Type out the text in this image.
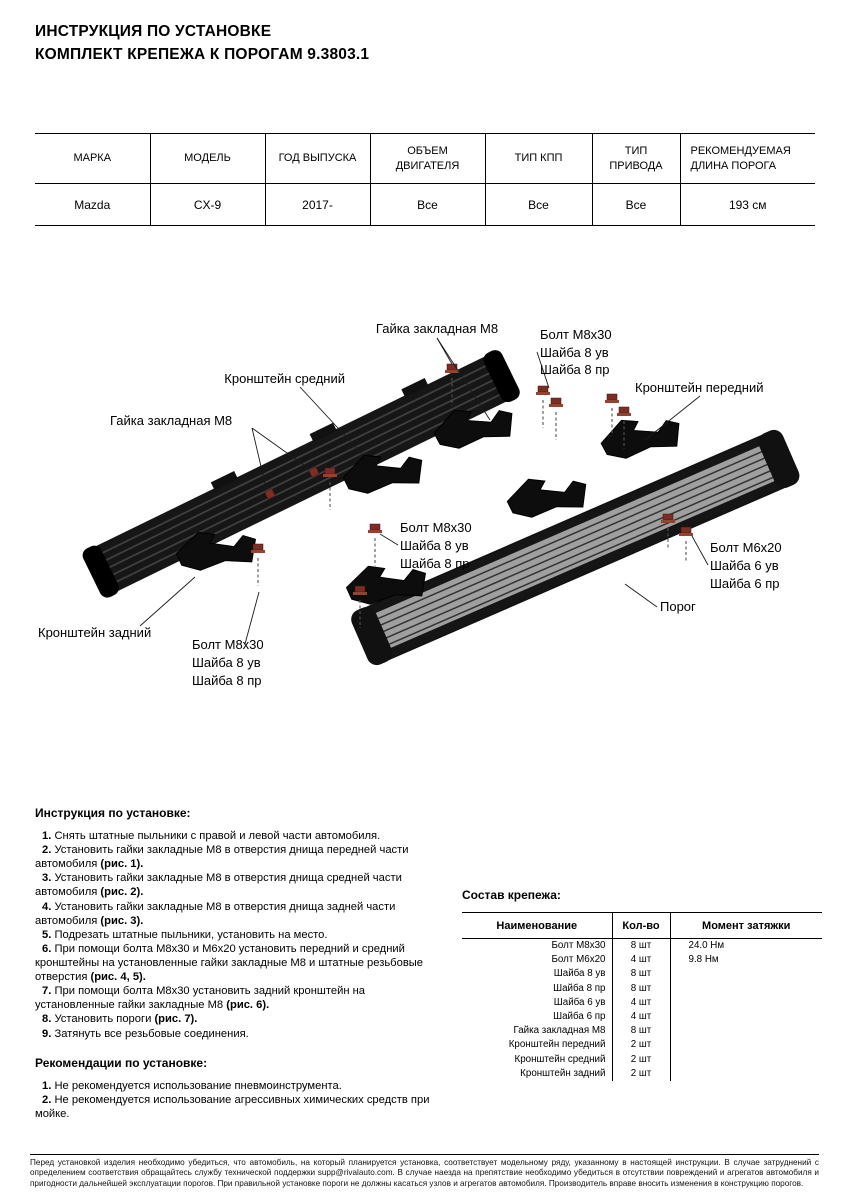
ИНСТРУКЦИЯ ПО УСТАНОВКЕ
КОМПЛЕКТ КРЕПЕЖА К ПОРОГАМ 9.3803.1
МАРКА	МОДЕЛЬ	ГОД ВЫПУСКА	ОБЪЕМ ДВИГАТЕЛЯ	ТИП КПП	ТИП ПРИВОДА	РЕКОМЕНДУЕМАЯ ДЛИНА ПОРОГА
Mazda	CX-9	2017-	Все	Все	Все	193 см
Гайка закладная М8	Болт М8х30
Шайба 8 ув
Шайба 8 пр
Кронштейн передний
Кронштейн средний
Гайка закладная М8
Болт М8х30
Шайба 8 ув
Шайба 8 пр
Болт М6х20
Шайба 6 ув
Шайба 6 пр
Порог
Кронштейн задний
Болт М8х30
Шайба 8 ув
Шайба 8 пр
Инструкция по установке:
1. Снять штатные пыльники с правой и левой части автомобиля.
2. Установить гайки закладные М8 в отверстия днища передней части автомобиля (рис. 1).
3. Установить гайки закладные М8 в отверстия днища средней части автомобиля (рис. 2).
4. Установить гайки закладные М8 в отверстия днища задней части автомобиля (рис. 3).
5. Подрезать штатные пыльники, установить на место.
6. При помощи болта М8х30 и М6х20 установить передний и средний кронштейны на установленные гайки закладные М8 и штатные резьбовые отверстия (рис. 4, 5).
7. При помощи болта М8х30 установить задний кронштейн на установленные гайки закладные М8 (рис. 6).
8. Установить пороги (рис. 7).
9. Затянуть все резьбовые соединения.
Рекомендации по установке:
1. Не рекомендуется использование пневмоинструмента.
2. Не рекомендуется использование агрессивных химических средств при мойке.
Состав крепежа:
Наименование	Кол-во	Момент затяжки
Болт М8х30	8 шт	24.0 Нм
Болт М6х20	4 шт	9.8 Нм
Шайба 8 ув	8 шт	
Шайба 8 пр	8 шт	
Шайба 6 ув	4 шт	
Шайба 6 пр	4 шт	
Гайка закладная М8	8 шт	
Кронштейн передний	2 шт	
Кронштейн средний	2 шт	
Кронштейн задний	2 шт	
Перед установкой изделия необходимо убедиться, что автомобиль, на который планируется установка, соответствует модельному ряду, указанному в настоящей инструкции. В случае затруднений с определением соответствия обращайтесь службу технической поддержки supp@rivalauto.com. В случае наезда на препятствие необходимо убедиться в отсутствии повреждений и агрегатов автомобиля и пригодности дальнейшей эксплуатации порогов. При правильной установке пороги не должны касаться узлов и агрегатов автомобиля. Производитель вправе вносить изменения в конструкцию порогов.
